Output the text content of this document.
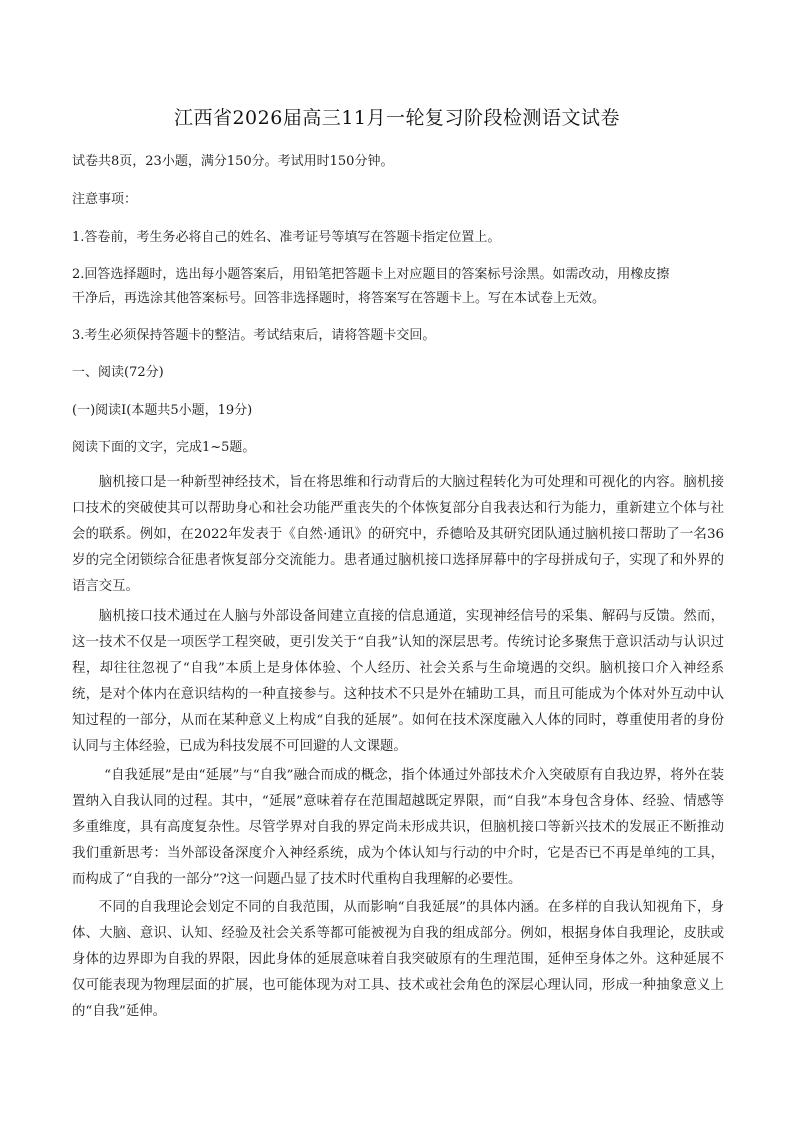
江西省2026届高三11月一轮复习阶段检测语文试卷
试卷共8页，23小题，满分150分。考试用时150分钟。
注意事项：
1.答卷前，考生务必将自己的姓名、准考证号等填写在答题卡指定位置上。
2.回答选择题时，选出每小题答案后，用铅笔把答题卡上对应题目的答案标号涂黑。如需改动，用橡皮擦
干净后，再选涂其他答案标号。回答非选择题时，将答案写在答题卡上。写在本试卷上无效。
3.考生必须保持答题卡的整洁。考试结束后，请将答题卡交回。
一、阅读(72分)
(一)阅读Ⅰ(本题共5小题，19分)
阅读下面的文字，完成1~5题。
脑机接口是一种新型神经技术，旨在将思维和行动背后的大脑过程转化为可处理和可视化的内容。脑机接口技术的突破使其可以帮助身心和社会功能严重丧失的个体恢复部分自我表达和行为能力，重新建立个体与社会的联系。例如，在2022年发表于《自然·通讯》的研究中，乔德哈及其研究团队通过脑机接口帮助了一名36岁的完全闭锁综合征患者恢复部分交流能力。患者通过脑机接口选择屏幕中的字母拼成句子，实现了和外界的语言交互。
脑机接口技术通过在人脑与外部设备间建立直接的信息通道，实现神经信号的采集、解码与反馈。然而，这一技术不仅是一项医学工程突破，更引发关于“自我”认知的深层思考。传统讨论多聚焦于意识活动与认识过程，却往往忽视了“自我”本质上是身体体验、个人经历、社会关系与生命境遇的交织。脑机接口介入神经系统，是对个体内在意识结构的一种直接参与。这种技术不只是外在辅助工具，而且可能成为个体对外互动中认知过程的一部分，从而在某种意义上构成“自我的延展”。如何在技术深度融入人体的同时，尊重使用者的身份认同与主体经验，已成为科技发展不可回避的人文课题。
“自我延展”是由“延展”与“自我”融合而成的概念，指个体通过外部技术介入突破原有自我边界，将外在装置纳入自我认同的过程。其中，“延展”意味着存在范围超越既定界限，而“自我”本身包含身体、经验、情感等多重维度，具有高度复杂性。尽管学界对自我的界定尚未形成共识，但脑机接口等新兴技术的发展正不断推动我们重新思考：当外部设备深度介入神经系统，成为个体认知与行动的中介时，它是否已不再是单纯的工具，而构成了“自我的一部分”?这一问题凸显了技术时代重构自我理解的必要性。
不同的自我理论会划定不同的自我范围，从而影响“自我延展”的具体内涵。在多样的自我认知视角下，身体、大脑、意识、认知、经验及社会关系等都可能被视为自我的组成部分。例如，根据身体自我理论，皮肤或身体的边界即为自我的界限，因此身体的延展意味着自我突破原有的生理范围，延伸至身体之外。这种延展不仅可能表现为物理层面的扩展，也可能体现为对工具、技术或社会角色的深层心理认同，形成一种抽象意义上的“自我”延伸。
